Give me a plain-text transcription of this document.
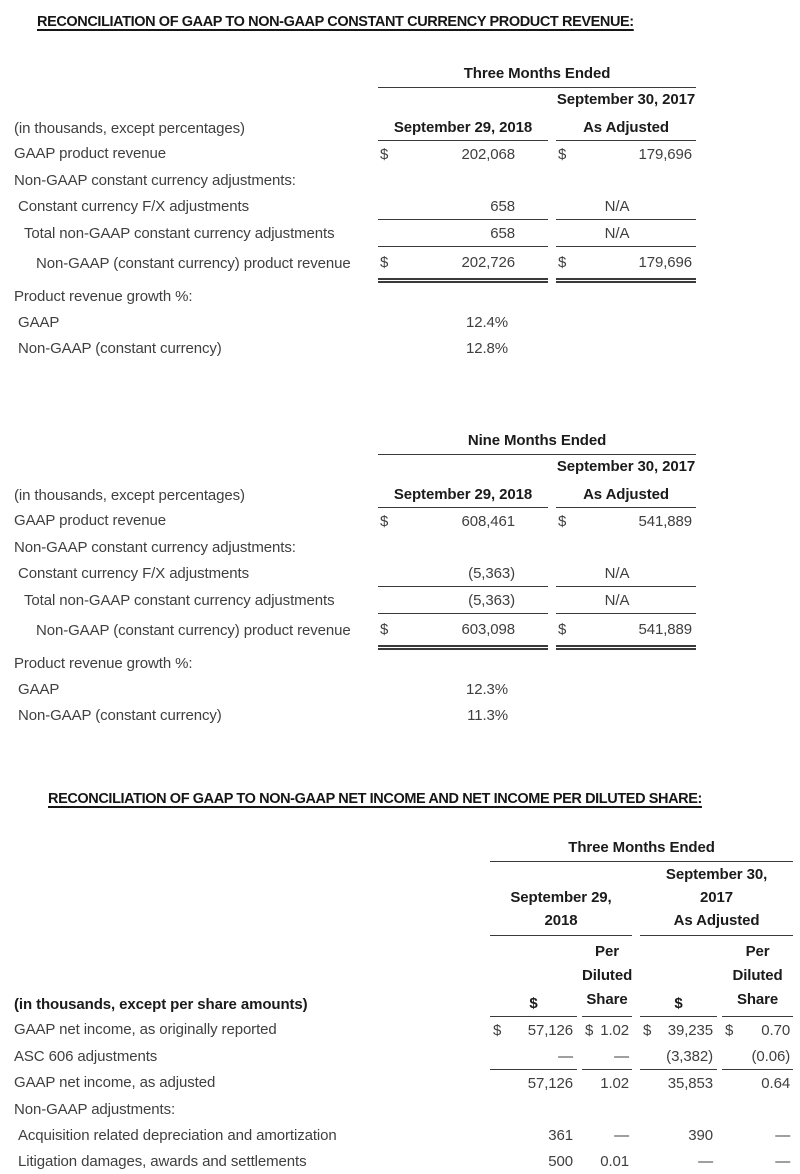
RECONCILIATION OF GAAP TO NON-GAAP CONSTANT CURRENCY PRODUCT REVENUE:
	Three Months Ended		
			September 30, 2017
(in thousands, except percentages)	September 29, 2018		As Adjusted
GAAP product revenue	$ 202,068		$ 179,696

Non-GAAP constant currency adjustments:			
Constant currency F/X adjustments	658		N/A
Total non-GAAP constant currency adjustments	658		N/A
Non-GAAP (constant currency) product revenue	$ 202,726		$ 179,696

Product revenue growth %:			
GAAP	12.4%		
Non-GAAP (constant currency)	12.8%		
	Nine Months Ended		
			September 30, 2017
(in thousands, except percentages)	September 29, 2018		As Adjusted
GAAP product revenue	$ 608,461		$ 541,889

Non-GAAP constant currency adjustments:			
Constant currency F/X adjustments	(5,363)		N/A
Total non-GAAP constant currency adjustments	(5,363)		N/A
Non-GAAP (constant currency) product revenue	$ 603,098		$ 541,889

Product revenue growth %:			
GAAP	12.3%		
Non-GAAP (constant currency)	11.3%		
RECONCILIATION OF GAAP TO NON-GAAP NET INCOME AND NET INCOME PER DILUTED SHARE:
	Three Months Ended						

	September 29,
2018				September 30,
2017
As Adjusted		

(in thousands, except per share amounts)	$		Per
Diluted
Share		$		Per
Diluted
Share

GAAP net income, as originally reported	$ 57,126		$ 1.02		$ 39,235		$ 0.70

ASC 606 adjustments	—		—		(3,382)		(0.06)

GAAP net income, as adjusted	57,126		1.02		35,853		0.64

Non-GAAP adjustments:							
Acquisition related depreciation and amortization	361		—		390		—

Litigation damages, awards and settlements	500		0.01		—		—
